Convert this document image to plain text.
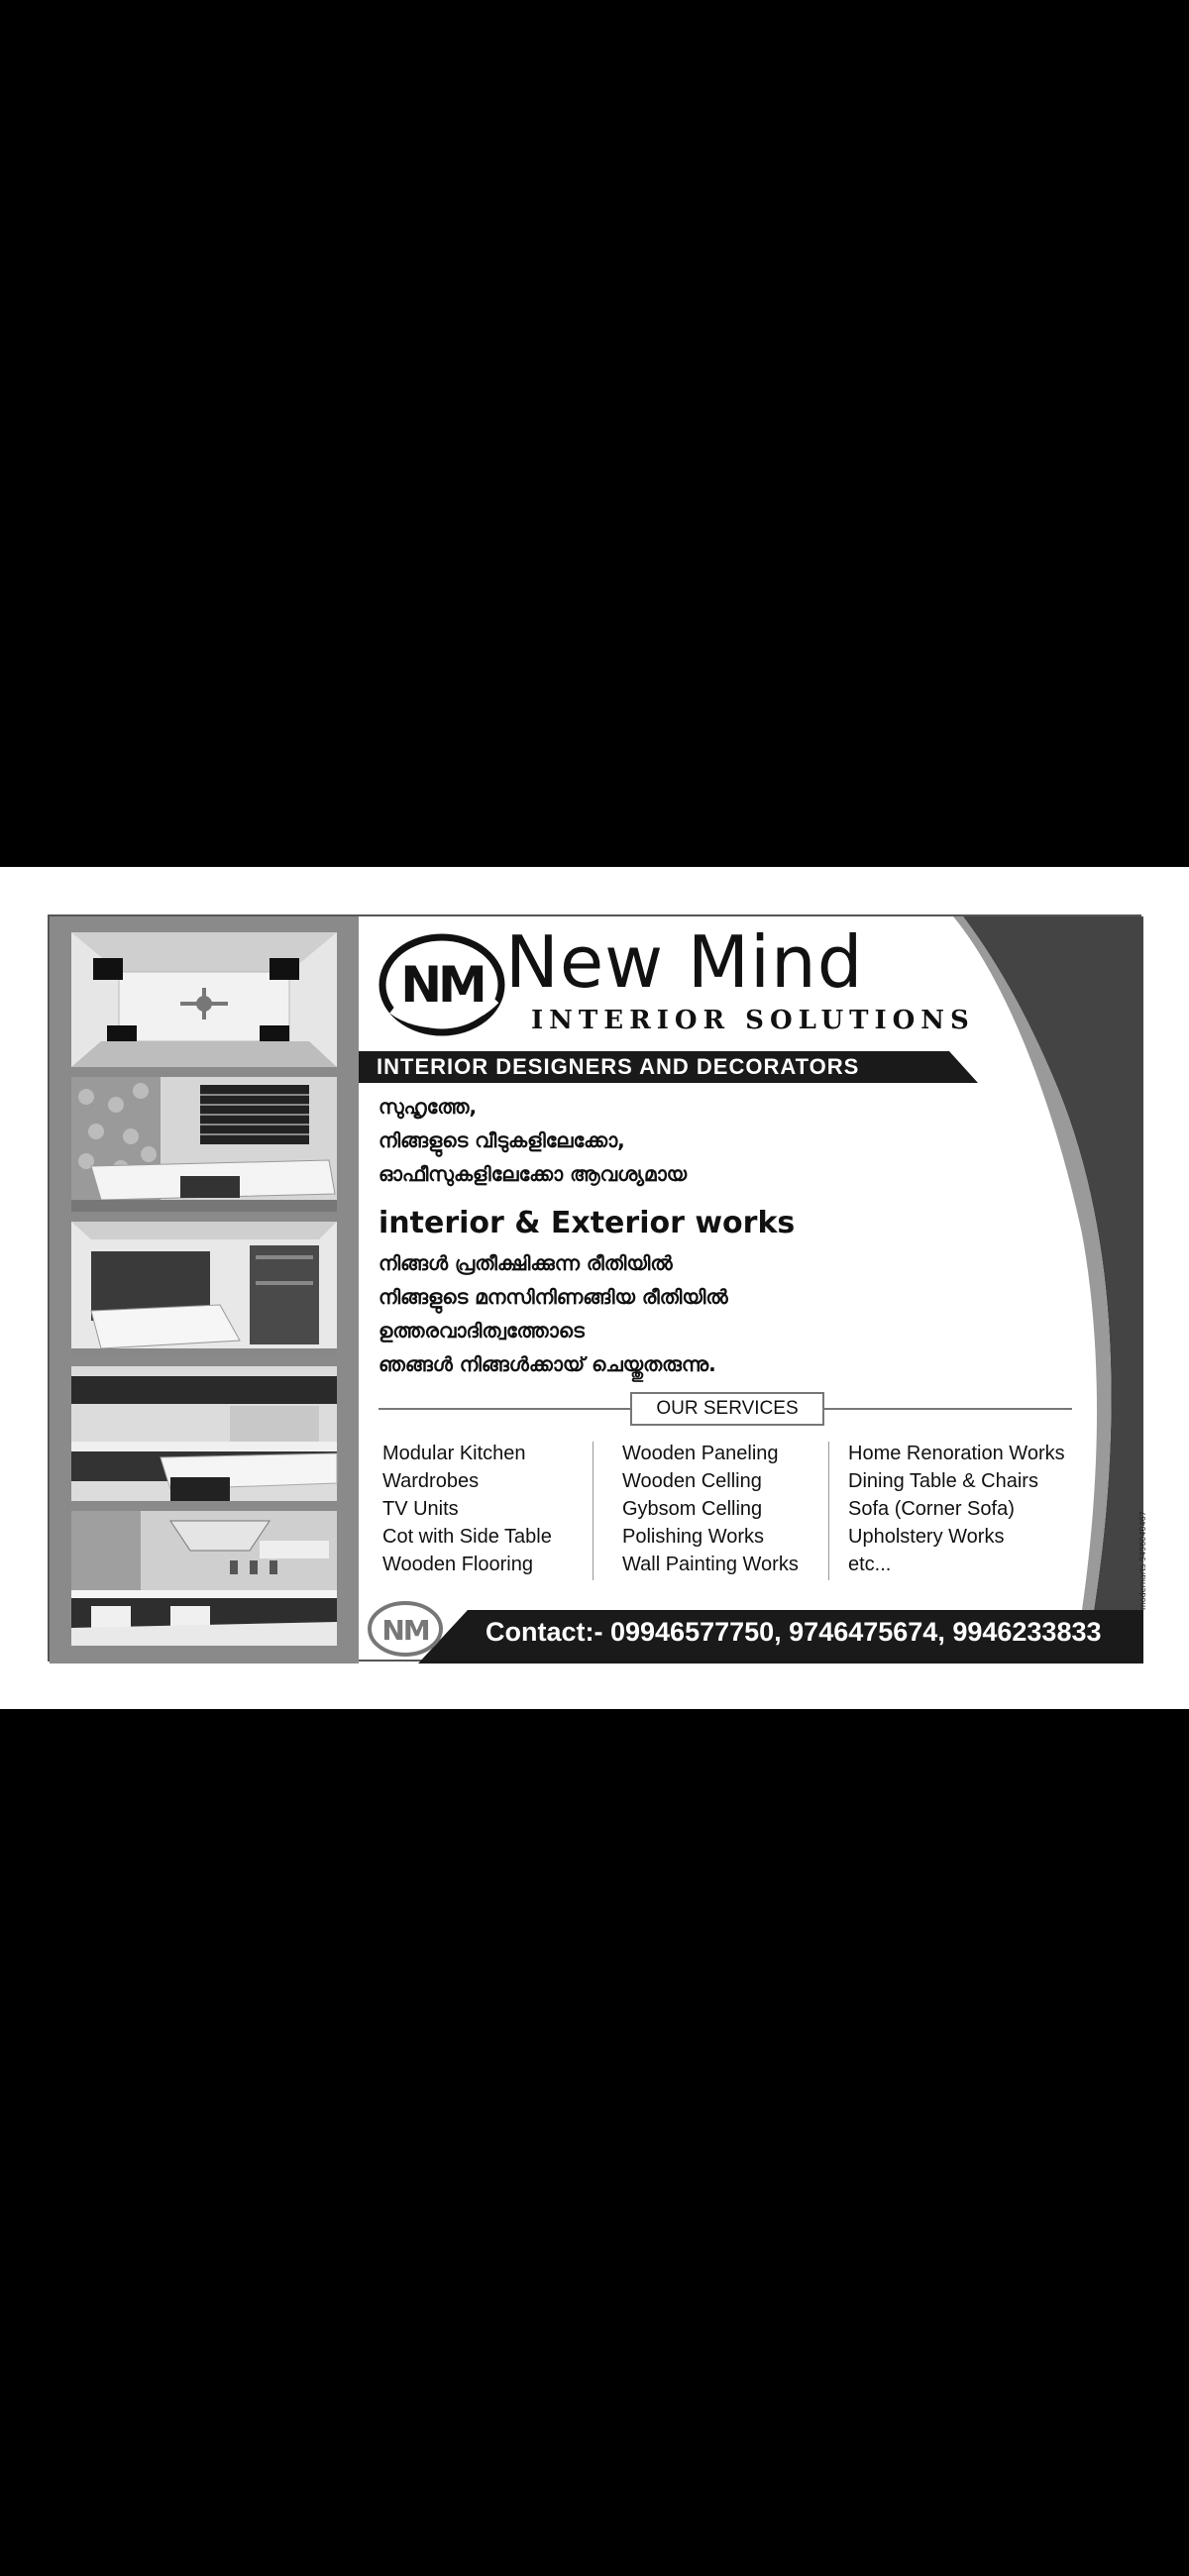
NM New Mind
INTERIOR SOLUTIONS
INTERIOR DESIGNERS AND DECORATORS
സുഹൃത്തേ,
നിങ്ങളുടെ വീടുകളിലേക്കോ,
ഓഫീസുകളിലേക്കോ ആവശ്യമായ
interior & Exterior works
നിങ്ങൾ പ്രതീക്ഷിക്കുന്ന രീതിയിൽ
നിങ്ങളുടെ മനസിനിണങ്ങിയ രീതിയിൽ
ഉത്തരവാദിത്വത്തോടെ
ഞങ്ങൾ നിങ്ങൾക്കായ് ചെയ്തുതരുന്നു.
OUR SERVICES
Modular Kitchen
Wardrobes
TV Units
Cot with Side Table
Wooden Flooring
Wooden Paneling
Wooden Celling
Gybsom Celling
Polishing Works
Wall Painting Works
Home Renoration Works
Dining Table & Chairs
Sofa (Corner Sofa)
Upholstery Works
etc...
Contact:- 09946577750, 9746475674, 9946233833
NM
modernarts 9496040467
